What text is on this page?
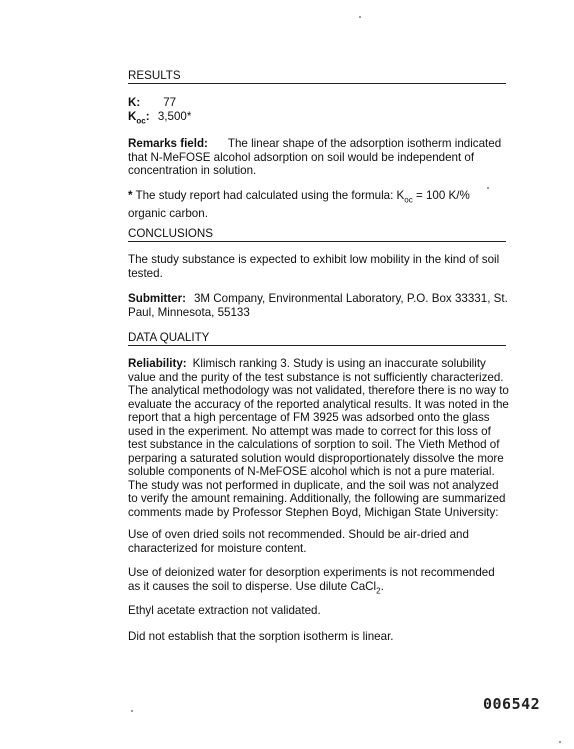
RESULTS
K: 77
$K_{oc}$: 3,500*
Remarks field: The linear shape of the adsorption isotherm indicated that N-MeFOSE alcohol adsorption on soil would be independent of concentration in solution.
* The study report had calculated using the formula: $K_{oc} = 100$ K/%
organic carbon.
CONCLUSIONS
The study substance is expected to exhibit low mobility in the kind of soil tested.
Submitter: 3M Company, Environmental Laboratory, P.O. Box 33331, St. Paul, Minnesota, 55133
DATA QUALITY
Reliability: Klimisch ranking 3. Study is using an inaccurate solubility value and the purity of the test substance is not sufficiently characterized. The analytical methodology was not validated, therefore there is no way to evaluate the accuracy of the reported analytical results. It was noted in the report that a high percentage of FM 3925 was adsorbed onto the glass used in the experiment. No attempt was made to correct for this loss of test substance in the calculations of sorption to soil. The Vieth Method of perparing a saturated solution would disproportionately dissolve the more soluble components of N-MeFOSE alcohol which is not a pure material. The study was not performed in duplicate, and the soil was not analyzed to verify the amount remaining. Additionally, the following are summarized comments made by Professor Stephen Boyd, Michigan State University:
Use of oven dried soils not recommended. Should be air-dried and characterized for moisture content.
Use of deionized water for desorption experiments is not recommended as it causes the soil to disperse. Use dilute CaCl$_2$.
Ethyl acetate extraction not validated.
Did not establish that the sorption isotherm is linear.
006542
